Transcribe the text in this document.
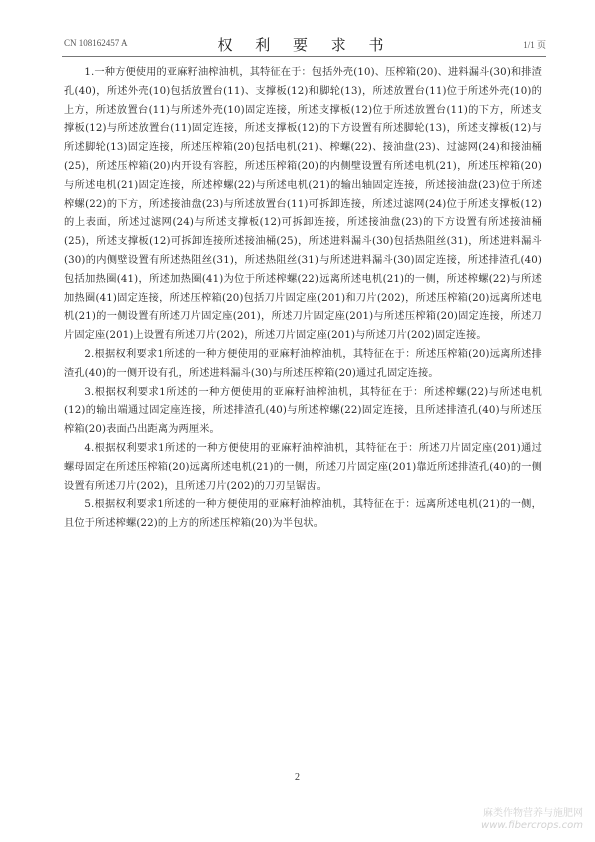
CN 108162457 A	权 利 要 求 书	1/1 页

1.一种方便使用的亚麻籽油榨油机，其特征在于：包括外壳(10)、压榨箱(20)、进料漏斗(30)和排渣孔(40)，所述外壳(10)包括放置台(11)、支撑板(12)和脚轮(13)，所述放置台(11)位于所述外壳(10)的上方，所述放置台(11)与所述外壳(10)固定连接，所述支撑板(12)位于所述放置台(11)的下方，所述支撑板(12)与所述放置台(11)固定连接，所述支撑板(12)的下方设置有所述脚轮(13)，所述支撑板(12)与所述脚轮(13)固定连接，所述压榨箱(20)包括电机(21)、榨螺(22)、接油盘(23)、过滤网(24)和接油桶(25)，所述压榨箱(20)内开设有容腔，所述压榨箱(20)的内侧壁设置有所述电机(21)，所述压榨箱(20)与所述电机(21)固定连接，所述榨螺(22)与所述电机(21)的输出轴固定连接，所述接油盘(23)位于所述榨螺(22)的下方，所述接油盘(23)与所述放置台(11)可拆卸连接，所述过滤网(24)位于所述支撑板(12)的上表面，所述过滤网(24)与所述支撑板(12)可拆卸连接，所述接油盘(23)的下方设置有所述接油桶(25)，所述支撑板(12)可拆卸连接所述接油桶(25)，所述进料漏斗(30)包括热阻丝(31)，所述进料漏斗(30)的内侧壁设置有所述热阻丝(31)，所述热阻丝(31)与所述进料漏斗(30)固定连接，所述排渣孔(40)包括加热圈(41)，所述加热圈(41)为位于所述榨螺(22)远离所述电机(21)的一侧，所述榨螺(22)与所述加热圈(41)固定连接，所述压榨箱(20)包括刀片固定座(201)和刀片(202)，所述压榨箱(20)远离所述电机(21)的一侧设置有所述刀片固定座(201)，所述刀片固定座(201)与所述压榨箱(20)固定连接，所述刀片固定座(201)上设置有所述刀片(202)，所述刀片固定座(201)与所述刀片(202)固定连接。

2.根据权利要求1所述的一种方便使用的亚麻籽油榨油机，其特征在于：所述压榨箱(20)远离所述排渣孔(40)的一侧开设有孔，所述进料漏斗(30)与所述压榨箱(20)通过孔固定连接。

3.根据权利要求1所述的一种方便使用的亚麻籽油榨油机，其特征在于：所述榨螺(22)与所述电机(12)的输出端通过固定座连接，所述排渣孔(40)与所述榨螺(22)固定连接，且所述排渣孔(40)与所述压榨箱(20)表面凸出距离为两厘米。

4.根据权利要求1所述的一种方便使用的亚麻籽油榨油机，其特征在于：所述刀片固定座(201)通过螺母固定在所述压榨箱(20)远离所述电机(21)的一侧，所述刀片固定座(201)靠近所述排渣孔(40)的一侧设置有所述刀片(202)，且所述刀片(202)的刀刃呈锯齿。

5.根据权利要求1所述的一种方便使用的亚麻籽油榨油机，其特征在于：远离所述电机(21)的一侧，且位于所述榨螺(22)的上方的所述压榨箱(20)为半包状。

2
麻类作物营养与施肥网
www.fibercrops.com
